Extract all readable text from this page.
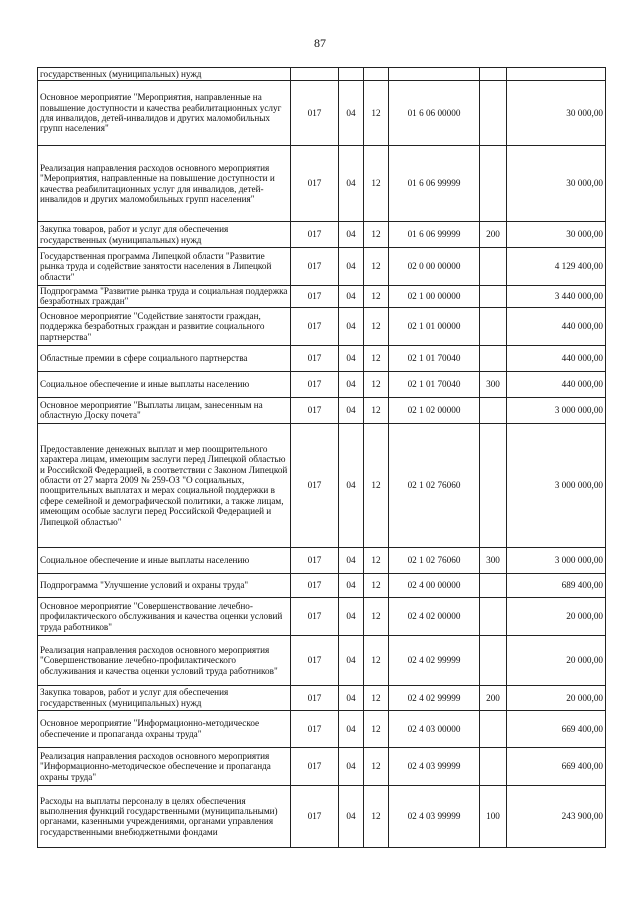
87
государственных (муниципальных) нужд						
Основное мероприятие "Мероприятия, направленные на повышение доступности и качества реабилитационных услуг для инвалидов, детей-инвалидов и других маломобильных групп населения"	017	04	12	01 6 06 00000		30 000,00
Реализация направления расходов основного мероприятия "Мероприятия, направленные на повышение доступности и качества реабилитационных услуг для инвалидов, детей-инвалидов и других маломобильных групп населения"	017	04	12	01 6 06 99999		30 000,00
Закупка товаров, работ и услуг для обеспечения государственных (муниципальных) нужд	017	04	12	01 6 06 99999	200	30 000,00
Государственная программа Липецкой области "Развитие рынка труда и содействие занятости населения в Липецкой области"	017	04	12	02 0 00 00000		4 129 400,00
Подпрограмма "Развитие рынка труда и социальная поддержка безработных граждан"	017	04	12	02 1 00 00000		3 440 000,00
Основное мероприятие "Содействие занятости граждан, поддержка безработных граждан и развитие социального партнерства"	017	04	12	02 1 01 00000		440 000,00
Областные премии в сфере социального партнерства	017	04	12	02 1 01 70040		440 000,00
Социальное обеспечение и иные выплаты населению	017	04	12	02 1 01 70040	300	440 000,00
Основное мероприятие "Выплаты лицам, занесенным на областную Доску почета"	017	04	12	02 1 02 00000		3 000 000,00
Предоставление денежных выплат и мер поощрительного характера лицам, имеющим заслуги перед Липецкой областью и Российской Федерацией, в соответствии с Законом Липецкой области от 27 марта 2009 № 259-ОЗ "О социальных, поощрительных выплатах и мерах социальной поддержки в сфере семейной и демографической политики, а также лицам, имеющим особые заслуги перед Российской Федерацией и Липецкой областью"	017	04	12	02 1 02 76060		3 000 000,00
Социальное обеспечение и иные выплаты населению	017	04	12	02 1 02 76060	300	3 000 000,00
Подпрограмма "Улучшение условий и охраны труда"	017	04	12	02 4 00 00000		689 400,00
Основное мероприятие "Совершенствование лечебно-профилактического обслуживания и качества оценки условий труда работников"	017	04	12	02 4 02 00000		20 000,00
Реализация направления расходов основного мероприятия "Совершенствование лечебно-профилактического обслуживания и качества оценки условий труда работников"	017	04	12	02 4 02 99999		20 000,00
Закупка товаров, работ и услуг для обеспечения государственных (муниципальных) нужд	017	04	12	02 4 02 99999	200	20 000,00
Основное мероприятие "Информационно-методическое обеспечение и пропаганда охраны труда"	017	04	12	02 4 03 00000		669 400,00
Реализация направления расходов основного мероприятия "Информационно-методическое обеспечение и пропаганда охраны труда"	017	04	12	02 4 03 99999		669 400,00
Расходы на выплаты персоналу в целях обеспечения выполнения функций государственными (муниципальными) органами, казенными учреждениями, органами управления государственными внебюджетными фондами	017	04	12	02 4 03 99999	100	243 900,00
